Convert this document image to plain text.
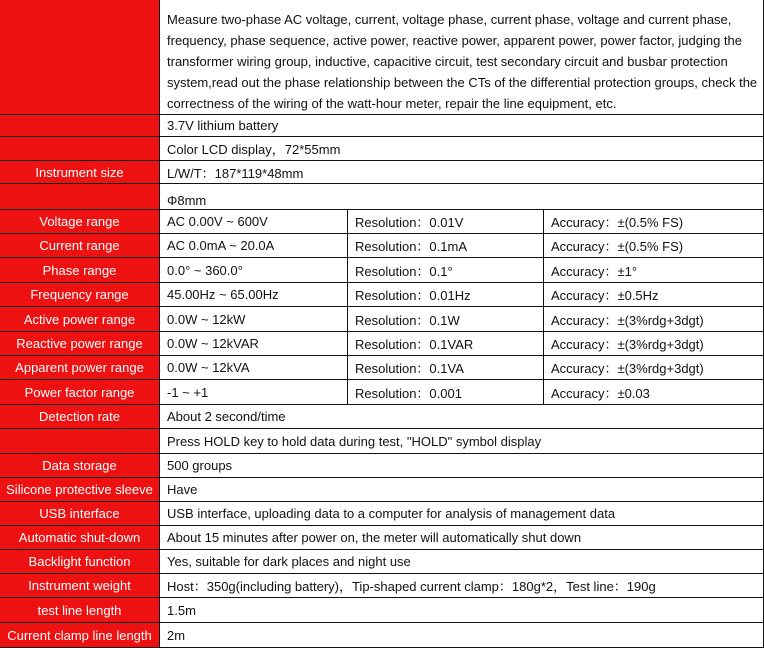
Measure two-phase AC voltage, current, voltage phase, current phase, voltage and current phase, frequency, phase sequence, active power, reactive power, apparent power, power factor, judging the transformer wiring group, inductive, capacitive circuit, test secondary circuit and busbar protection system,read out the phase relationship between the CTs of the differential protection groups, check the correctness of the wiring of the watt-hour meter, repair the line equipment, etc.
3.7V lithium battery
Color LCD display，72*55mm
Instrument size	L/W/T：187*119*48mm
Φ8mm
Voltage range	AC 0.00V ~ 600V	Resolution：0.01V	Accuracy：±(0.5% FS)
Current range	AC 0.0mA ~ 20.0A	Resolution：0.1mA	Accuracy：±(0.5% FS)
Phase range	0.0° ~ 360.0°	Resolution：0.1°	Accuracy：±1°
Frequency range	45.00Hz ~ 65.00Hz	Resolution：0.01Hz	Accuracy：±0.5Hz
Active power range	0.0W ~ 12kW	Resolution：0.1W	Accuracy：±(3%rdg+3dgt)
Reactive power range	0.0W ~ 12kVAR	Resolution：0.1VAR	Accuracy：±(3%rdg+3dgt)
Apparent power range	0.0W ~ 12kVA	Resolution：0.1VA	Accuracy：±(3%rdg+3dgt)
Power factor range	-1 ~ +1	Resolution：0.001	Accuracy：±0.03
Detection rate	About 2 second/time
Press HOLD key to hold data during test, "HOLD" symbol display
Data storage	500 groups
Silicone protective sleeve	Have
USB interface	USB interface, uploading data to a computer for analysis of management data
Automatic shut-down	About 15 minutes after power on, the meter will automatically shut down
Backlight function	Yes, suitable for dark places and night use
Instrument weight	Host：350g(including battery)，Tip-shaped current clamp：180g*2，Test line：190g
test line length	1.5m
Current clamp line length	2m
